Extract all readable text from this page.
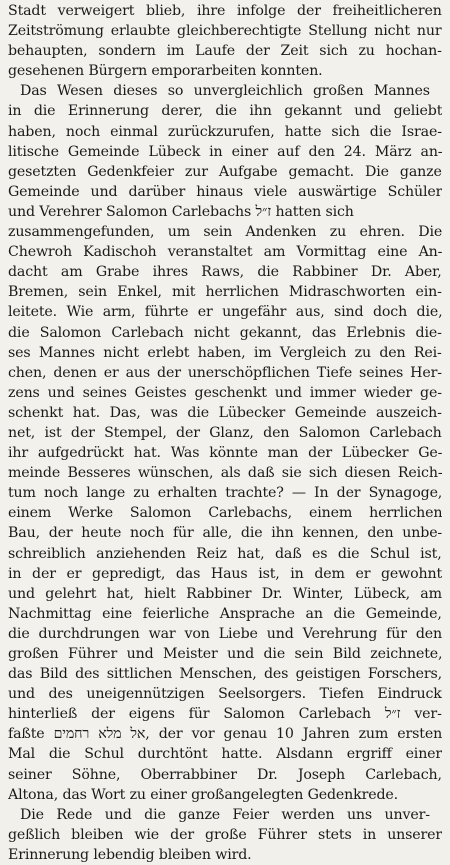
Stadt verweigert blieb, ihre infolge der freiheitlicheren
Zeitströmung erlaubte gleichberechtigte Stellung nicht nur
behaupten, sondern im Laufe der Zeit sich zu hochan-
gesehenen Bürgern emporarbeiten konnten.
Das Wesen dieses so unvergleichlich großen Mannes
in die Erinnerung derer, die ihn gekannt und geliebt
haben, noch einmal zurückzurufen, hatte sich die Israe-
litische Gemeinde Lübeck in einer auf den 24. März an-
gesetzten Gedenkfeier zur Aufgabe gemacht. Die ganze
Gemeinde und darüber hinaus viele auswärtige Schüler
und Verehrer Salomon Carlebachs ז״ל hatten sich
zusammengefunden, um sein Andenken zu ehren. Die
Chewroh Kadischoh veranstaltet am Vormittag eine An-
dacht am Grabe ihres Raws, die Rabbiner Dr. Aber,
Bremen, sein Enkel, mit herrlichen Midraschworten ein-
leitete. Wie arm, führte er ungefähr aus, sind doch die,
die Salomon Carlebach nicht gekannt, das Erlebnis die-
ses Mannes nicht erlebt haben, im Vergleich zu den Rei-
chen, denen er aus der unerschöpflichen Tiefe seines Her-
zens und seines Geistes geschenkt und immer wieder ge-
schenkt hat. Das, was die Lübecker Gemeinde auszeich-
net, ist der Stempel, der Glanz, den Salomon Carlebach
ihr aufgedrückt hat. Was könnte man der Lübecker Ge-
meinde Besseres wünschen, als daß sie sich diesen Reich-
tum noch lange zu erhalten trachte? — In der Synagoge,
einem Werke Salomon Carlebachs, einem herrlichen
Bau, der heute noch für alle, die ihn kennen, den unbe-
schreiblich anziehenden Reiz hat, daß es die Schul ist,
in der er gepredigt, das Haus ist, in dem er gewohnt
und gelehrt hat, hielt Rabbiner Dr. Winter, Lübeck, am
Nachmittag eine feierliche Ansprache an die Gemeinde,
die durchdrungen war von Liebe und Verehrung für den
großen Führer und Meister und die sein Bild zeichnete,
das Bild des sittlichen Menschen, des geistigen Forschers,
und des uneigennützigen Seelsorgers. Tiefen Eindruck
hinterließ der eigens für Salomon Carlebach ז״ל ver-
faßte אל מלא רחמים, der vor genau 10 Jahren zum ersten
Mal die Schul durchtönt hatte. Alsdann ergriff einer
seiner Söhne, Oberrabbiner Dr. Joseph Carlebach,
Altona, das Wort zu einer großangelegten Gedenkrede.
Die Rede und die ganze Feier werden uns unver-
geßlich bleiben wie der große Führer stets in unserer
Erinnerung lebendig bleiben wird.
